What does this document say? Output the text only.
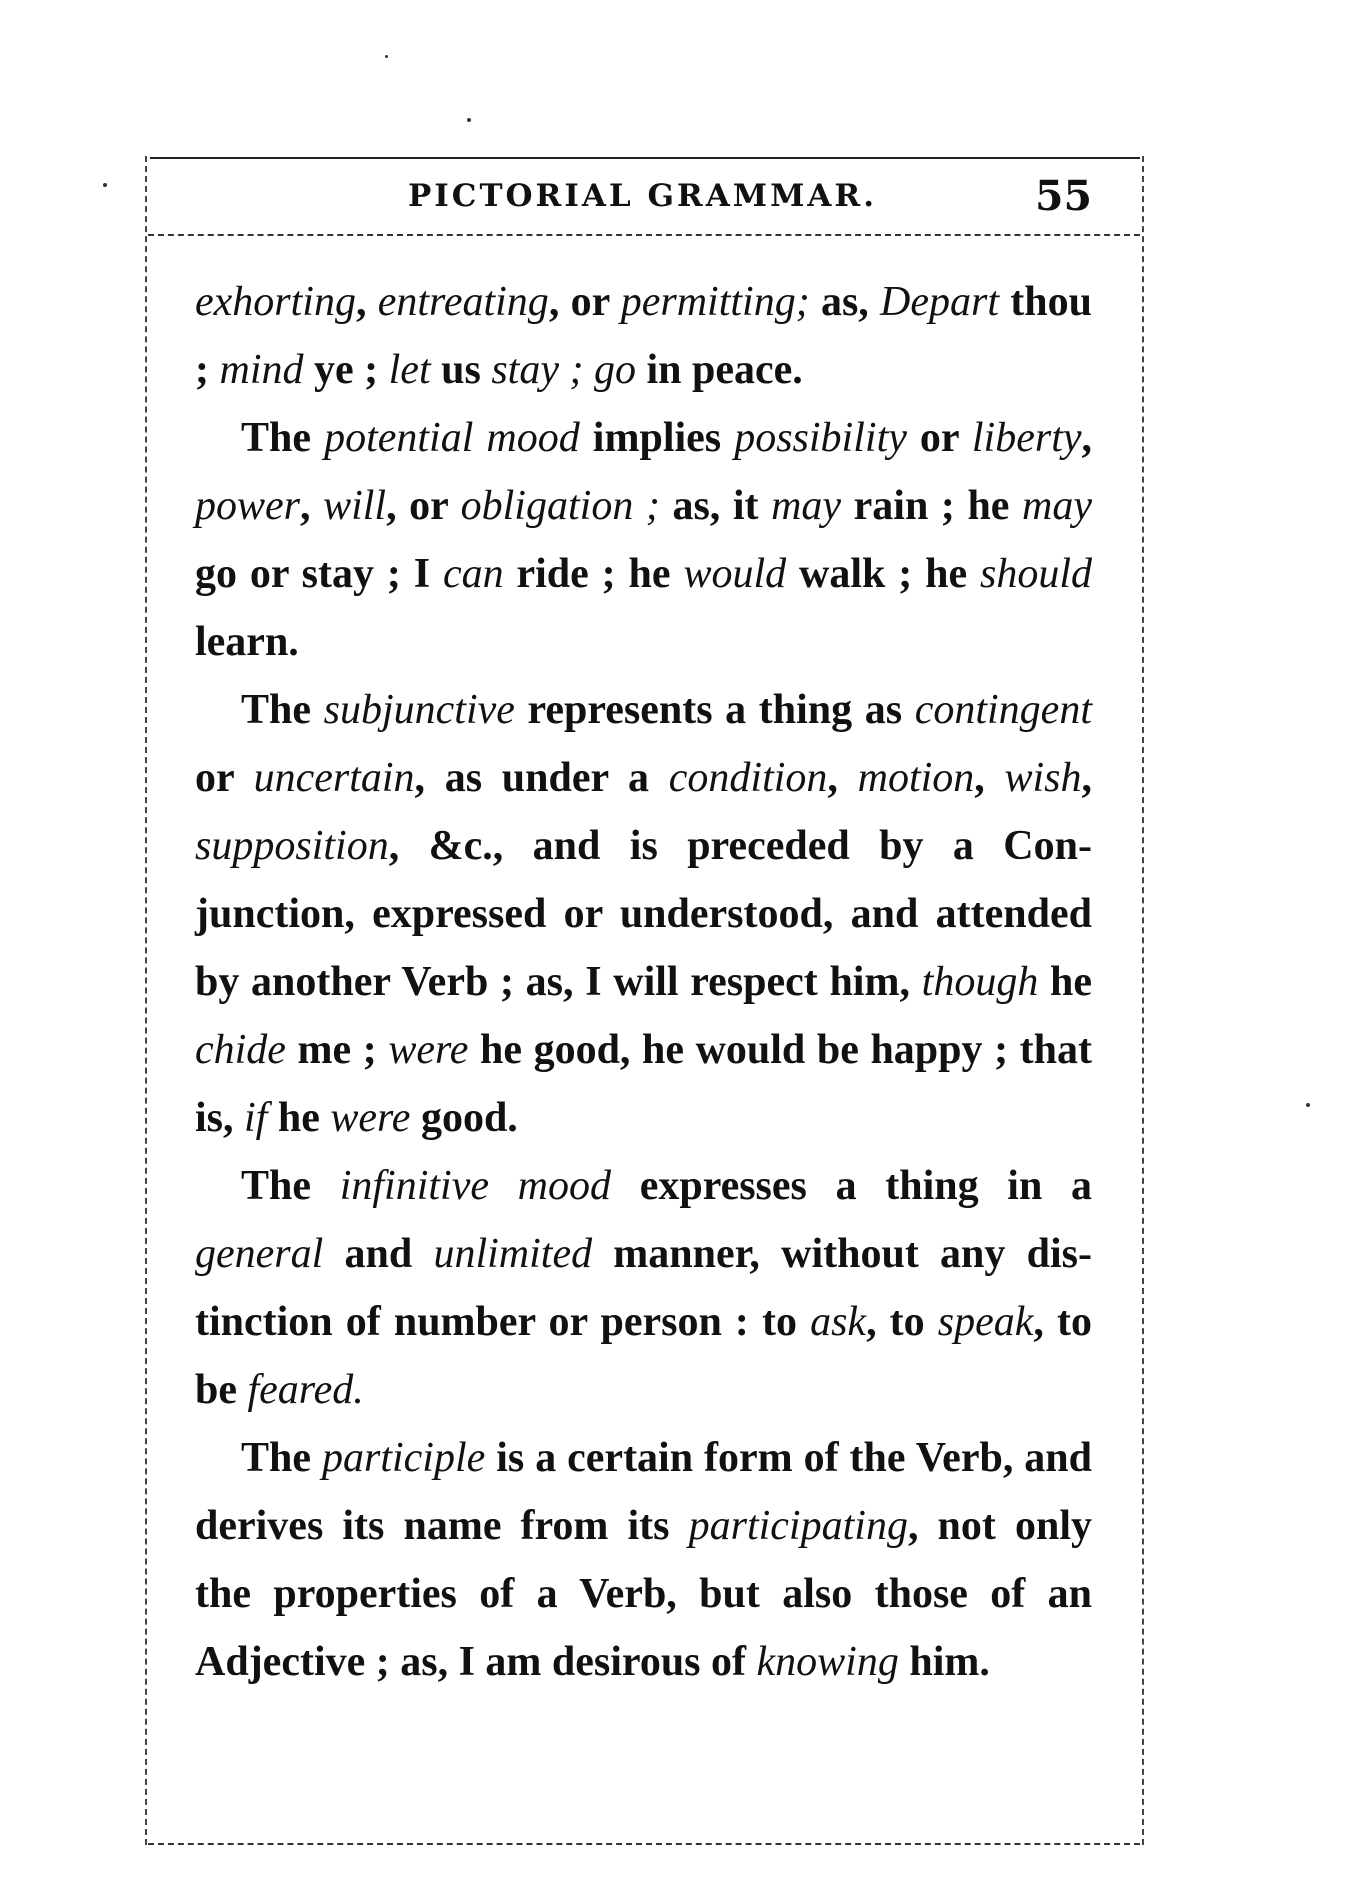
PICTORIAL GRAMMAR.	55

exhorting, entreating, or permitting; as, Depart thou ; mind ye ; let us stay ; go in peace.

The potential mood implies possibility or liberty, power, will, or obligation ; as, it may rain ; he may go or stay ; I can ride ; he would walk ; he should learn.

The subjunctive represents a thing as contingent or uncertain, as under a condition, motion, wish, supposition, &c., and is preceded by a Conjunction, expressed or understood, and attended by another Verb ; as, I will respect him, though he chide me ; were he good, he would be happy ; that is, if he were good.

The infinitive mood expresses a thing in a general and unlimited manner, without any distinction of number or person : to ask, to speak, to be feared.

The participle is a certain form of the Verb, and derives its name from its participating, not only the properties of a Verb, but also those of an Adjective ; as, I am desirous of knowing him.
